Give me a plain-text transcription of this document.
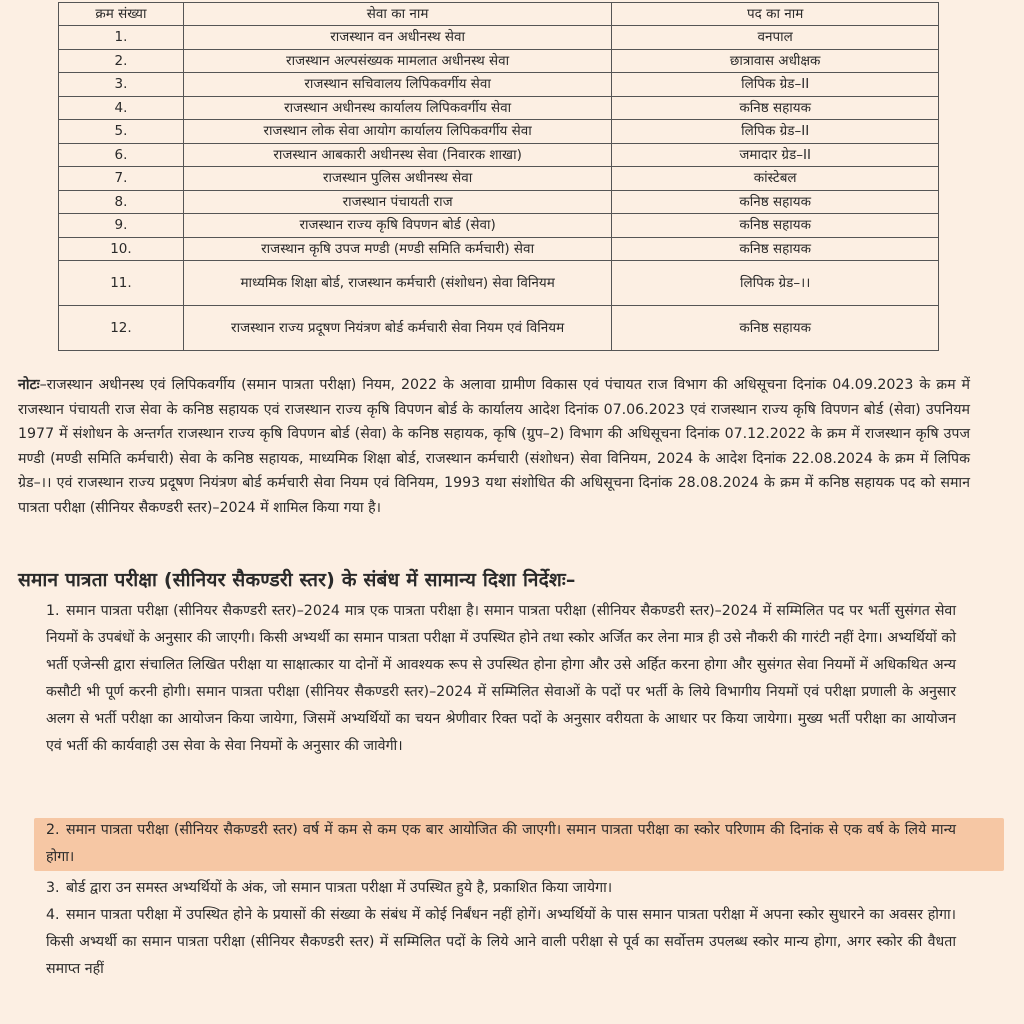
क्रम संख्या	सेवा का नाम	पद का नाम
1.	राजस्थान वन अधीनस्थ सेवा	वनपाल
2.	राजस्थान अल्पसंख्यक मामलात अधीनस्थ सेवा	छात्रावास अधीक्षक
3.	राजस्थान सचिवालय लिपिकवर्गीय सेवा	लिपिक ग्रेड–II
4.	राजस्थान अधीनस्थ कार्यालय लिपिकवर्गीय सेवा	कनिष्ठ सहायक
5.	राजस्थान लोक सेवा आयोग कार्यालय लिपिकवर्गीय सेवा	लिपिक ग्रेड–II
6.	राजस्थान आबकारी अधीनस्थ सेवा (निवारक शाखा)	जमादार ग्रेड–II
7.	राजस्थान पुलिस अधीनस्थ सेवा	कांस्टेबल
8.	राजस्थान पंचायती राज	कनिष्ठ सहायक
9.	राजस्थान राज्य कृषि विपणन बोर्ड (सेवा)	कनिष्ठ सहायक
10.	राजस्थान कृषि उपज मण्डी (मण्डी समिति कर्मचारी) सेवा	कनिष्ठ सहायक
11.	माध्यमिक शिक्षा बोर्ड, राजस्थान कर्मचारी (संशोधन) सेवा विनियम	लिपिक ग्रेड–।।
12.	राजस्थान राज्य प्रदूषण नियंत्रण बोर्ड कर्मचारी सेवा नियम एवं विनियम	कनिष्ठ सहायक
नोटः–राजस्थान अधीनस्थ एवं लिपिकवर्गीय (समान पात्रता परीक्षा) नियम, 2022 के अलावा ग्रामीण विकास एवं पंचायत राज विभाग की अधिसूचना दिनांक 04.09.2023 के क्रम में राजस्थान पंचायती राज सेवा के कनिष्ठ सहायक एवं राजस्थान राज्य कृषि विपणन बोर्ड के कार्यालय आदेश दिनांक 07.06.2023 एवं राजस्थान राज्य कृषि विपणन बोर्ड (सेवा) उपनियम 1977 में संशोधन के अन्तर्गत राजस्थान राज्य कृषि विपणन बोर्ड (सेवा) के कनिष्ठ सहायक, कृषि (ग्रुप–2) विभाग की अधिसूचना दिनांक 07.12.2022 के क्रम में राजस्थान कृषि उपज मण्डी (मण्डी समिति कर्मचारी) सेवा के कनिष्ठ सहायक, माध्यमिक शिक्षा बोर्ड, राजस्थान कर्मचारी (संशोधन) सेवा विनियम, 2024 के आदेश दिनांक 22.08.2024 के क्रम में लिपिक ग्रेड–।। एवं राजस्थान राज्य प्रदूषण नियंत्रण बोर्ड कर्मचारी सेवा नियम एवं विनियम, 1993 यथा संशोधित की अधिसूचना दिनांक 28.08.2024 के क्रम में कनिष्ठ सहायक पद को समान पात्रता परीक्षा (सीनियर सैकण्डरी स्तर)–2024 में शामिल किया गया है।
समान पात्रता परीक्षा (सीनियर सैकण्डरी स्तर) के संबंध में सामान्य दिशा निर्देशः–
1. समान पात्रता परीक्षा (सीनियर सैकण्डरी स्तर)–2024 मात्र एक पात्रता परीक्षा है। समान पात्रता परीक्षा (सीनियर सैकण्डरी स्तर)–2024 में सम्मिलित पद पर भर्ती सुसंगत सेवा नियमों के उपबंधों के अनुसार की जाएगी। किसी अभ्यर्थी का समान पात्रता परीक्षा में उपस्थित होने तथा स्कोर अर्जित कर लेना मात्र ही उसे नौकरी की गारंटी नहीं देगा। अभ्यर्थियों को भर्ती एजेन्सी द्वारा संचालित लिखित परीक्षा या साक्षात्कार या दोनों में आवश्यक रूप से उपस्थित होना होगा और उसे अर्हित करना होगा और सुसंगत सेवा नियमों में अधिकथित अन्य कसौटी भी पूर्ण करनी होगी। समान पात्रता परीक्षा (सीनियर सैकण्डरी स्तर)–2024 में सम्मिलित सेवाओं के पदों पर भर्ती के लिये विभागीय नियमों एवं परीक्षा प्रणाली के अनुसार अलग से भर्ती परीक्षा का आयोजन किया जायेगा, जिसमें अभ्यर्थियों का चयन श्रेणीवार रिक्त पदों के अनुसार वरीयता के आधार पर किया जायेगा। मुख्य भर्ती परीक्षा का आयोजन एवं भर्ती की कार्यवाही उस सेवा के सेवा नियमों के अनुसार की जावेगी।
2. समान पात्रता परीक्षा (सीनियर सैकण्डरी स्तर) वर्ष में कम से कम एक बार आयोजित की जाएगी। समान पात्रता परीक्षा का स्कोर परिणाम की दिनांक से एक वर्ष के लिये मान्य होगा।
3. बोर्ड द्वारा उन समस्त अभ्यर्थियों के अंक, जो समान पात्रता परीक्षा में उपस्थित हुये है, प्रकाशित किया जायेगा।
4. समान पात्रता परीक्षा में उपस्थित होने के प्रयासों की संख्या के संबंध में कोई निर्बंधन नहीं होगें। अभ्यर्थियों के पास समान पात्रता परीक्षा में अपना स्कोर सुधारने का अवसर होगा। किसी अभ्यर्थी का समान पात्रता परीक्षा (सीनियर सैकण्डरी स्तर) में सम्मिलित पदों के लिये आने वाली परीक्षा से पूर्व का सर्वोत्तम उपलब्ध स्कोर मान्य होगा, अगर स्कोर की वैधता समाप्त नहीं
